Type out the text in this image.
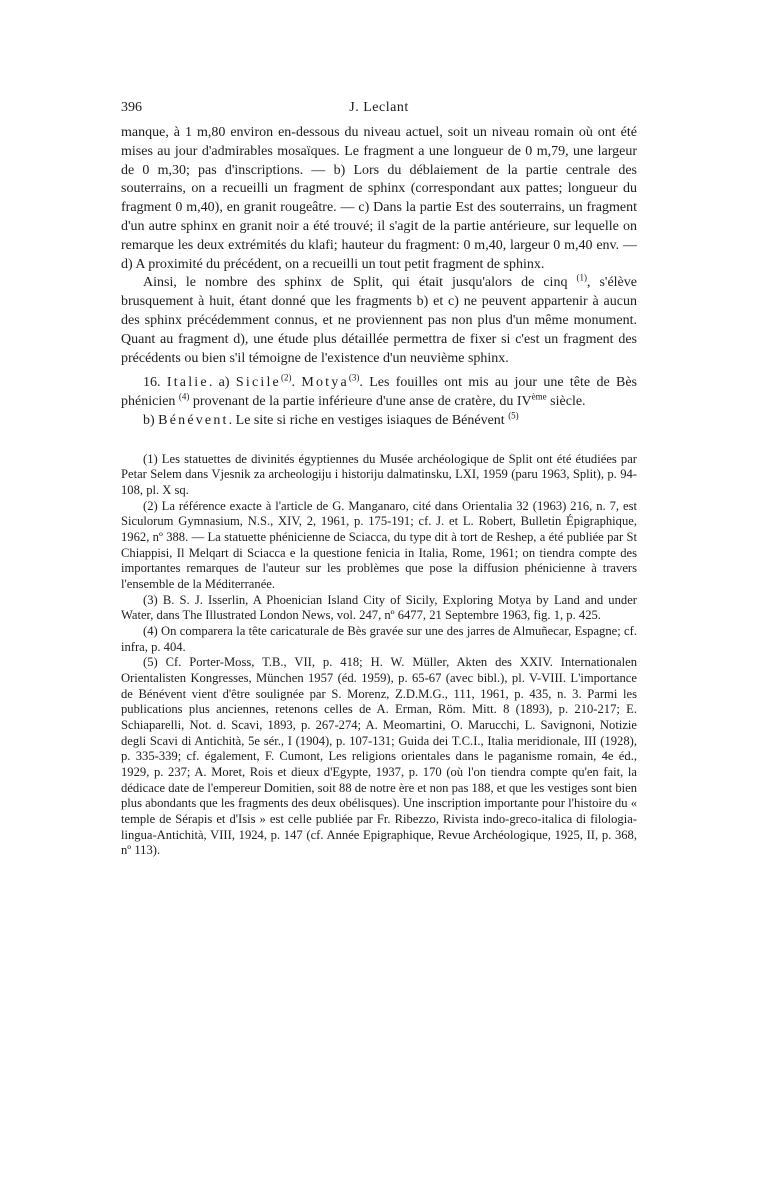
396	J. Leclant

manque, à 1 m,80 environ en-dessous du niveau actuel, soit un niveau romain où ont été mises au jour d'admirables mosaïques. Le fragment a une longueur de 0 m,79, une largeur de 0 m,30; pas d'inscriptions. — b) Lors du déblaiement de la partie centrale des souterrains, on a recueilli un fragment de sphinx (correspondant aux pattes; longueur du fragment 0 m,40), en granit rougeâtre. — c) Dans la partie Est des souterrains, un fragment d'un autre sphinx en granit noir a été trouvé; il s'agit de la partie antérieure, sur lequelle on remarque les deux extrémités du klafi; hauteur du fragment: 0 m,40, largeur 0 m,40 env. — d) A proximité du précédent, on a recueilli un tout petit fragment de sphinx.

Ainsi, le nombre des sphinx de Split, qui était jusqu'alors de cinq $^{(1)}$, s'élève brusquement à huit, étant donné que les fragments b) et c) ne peuvent appartenir à aucun des sphinx précédemment connus, et ne proviennent pas non plus d'un même monument. Quant au fragment d), une étude plus détaillée permettra de fixer si c'est un fragment des précédents ou bien s'il témoigne de l'existence d'un neuvième sphinx.

16. Italie. a) Sicile$^{(2)}$. Motya$^{(3)}$. Les fouilles ont mis au jour une tête de Bès phénicien $^{(4)}$ provenant de la partie inférieure d'une anse de cratère, du IVème siècle.

b) Bénévent. Le site si riche en vestiges isiaques de Bénévent $^{(5)}$

(1) Les statuettes de divinités égyptiennes du Musée archéologique de Split ont été étudiées par Petar Selem dans Vjesnik za archeologiju i historiju dalmatinsku, LXI, 1959 (paru 1963, Split), p. 94-108, pl. X sq.

(2) La référence exacte à l'article de G. Manganaro, cité dans Orientalia 32 (1963) 216, n. 7, est Siculorum Gymnasium, N.S., XIV, 2, 1961, p. 175-191; cf. J. et L. Robert, Bulletin Épigraphique, 1962, nº 388. — La statuette phénicienne de Sciacca, du type dit à tort de Reshep, a été publiée par St Chiappisi, Il Melqart di Sciacca e la questione fenicia in Italia, Rome, 1961; on tiendra compte des importantes remarques de l'auteur sur les problèmes que pose la diffusion phénicienne à travers l'ensemble de la Méditerranée.

(3) B. S. J. Isserlin, A Phoenician Island City of Sicily, Exploring Motya by Land and under Water, dans The Illustrated London News, vol. 247, nº 6477, 21 Septembre 1963, fig. 1, p. 425.

(4) On comparera la tête caricaturale de Bès gravée sur une des jarres de Almuñecar, Espagne; cf. infra, p. 404.

(5) Cf. Porter-Moss, T.B., VII, p. 418; H. W. Müller, Akten des XXIV. Internationalen Orientalisten Kongresses, München 1957 (éd. 1959), p. 65-67 (avec bibl.), pl. V-VIII. L'importance de Bénévent vient d'être soulignée par S. Morenz, Z.D.M.G., 111, 1961, p. 435, n. 3. Parmi les publications plus anciennes, retenons celles de A. Erman, Röm. Mitt. 8 (1893), p. 210-217; E. Schiaparelli, Not. d. Scavi, 1893, p. 267-274; A. Meomartini, O. Marucchi, L. Savignoni, Notizie degli Scavi di Antichità, 5e sér., I (1904), p. 107-131; Guida dei T.C.I., Italia meridionale, III (1928), p. 335-339; cf. également, F. Cumont, Les religions orientales dans le paganisme romain, 4e éd., 1929, p. 237; A. Moret, Rois et dieux d'Egypte, 1937, p. 170 (où l'on tiendra compte qu'en fait, la dédicace date de l'empereur Domitien, soit 88 de notre ère et non pas 188, et que les vestiges sont bien plus abondants que les fragments des deux obélisques). Une inscription importante pour l'histoire du « temple de Sérapis et d'Isis » est celle publiée par Fr. Ribezzo, Rivista indo-greco-italica di filologia-lingua-Antichità, VIII, 1924, p. 147 (cf. Année Epigraphique, Revue Archéologique, 1925, II, p. 368, nº 113).
